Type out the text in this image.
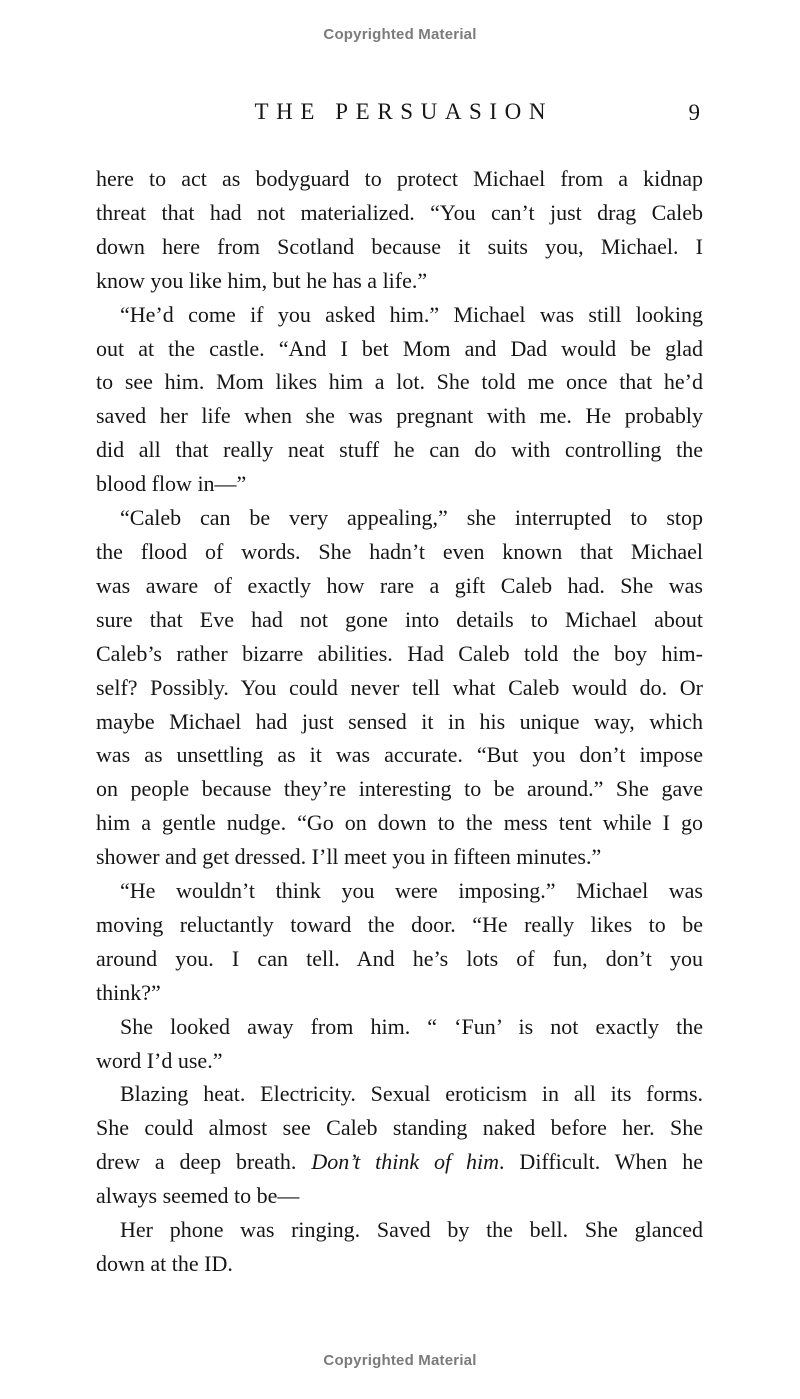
Copyrighted Material
THE PERSUASION	9
here to act as bodyguard to protect Michael from a kidnap
threat that had not materialized. “You can’t just drag Caleb
down here from Scotland because it suits you, Michael. I
know you like him, but he has a life.”
“He’d come if you asked him.” Michael was still looking
out at the castle. “And I bet Mom and Dad would be glad
to see him. Mom likes him a lot. She told me once that he’d
saved her life when she was pregnant with me. He probably
did all that really neat stuff he can do with controlling the
blood flow in—”
“Caleb can be very appealing,” she interrupted to stop
the flood of words. She hadn’t even known that Michael
was aware of exactly how rare a gift Caleb had. She was
sure that Eve had not gone into details to Michael about
Caleb’s rather bizarre abilities. Had Caleb told the boy him-
self? Possibly. You could never tell what Caleb would do. Or
maybe Michael had just sensed it in his unique way, which
was as unsettling as it was accurate. “But you don’t impose
on people because they’re interesting to be around.” She gave
him a gentle nudge. “Go on down to the mess tent while I go
shower and get dressed. I’ll meet you in fifteen minutes.”
“He wouldn’t think you were imposing.” Michael was
moving reluctantly toward the door. “He really likes to be
around you. I can tell. And he’s lots of fun, don’t you
think?”
She looked away from him. “ ‘Fun’ is not exactly the
word I’d use.”
Blazing heat. Electricity. Sexual eroticism in all its forms.
She could almost see Caleb standing naked before her. She
drew a deep breath. Don’t think of him. Difficult. When he
always seemed to be—
Her phone was ringing. Saved by the bell. She glanced
down at the ID.
Copyrighted Material
